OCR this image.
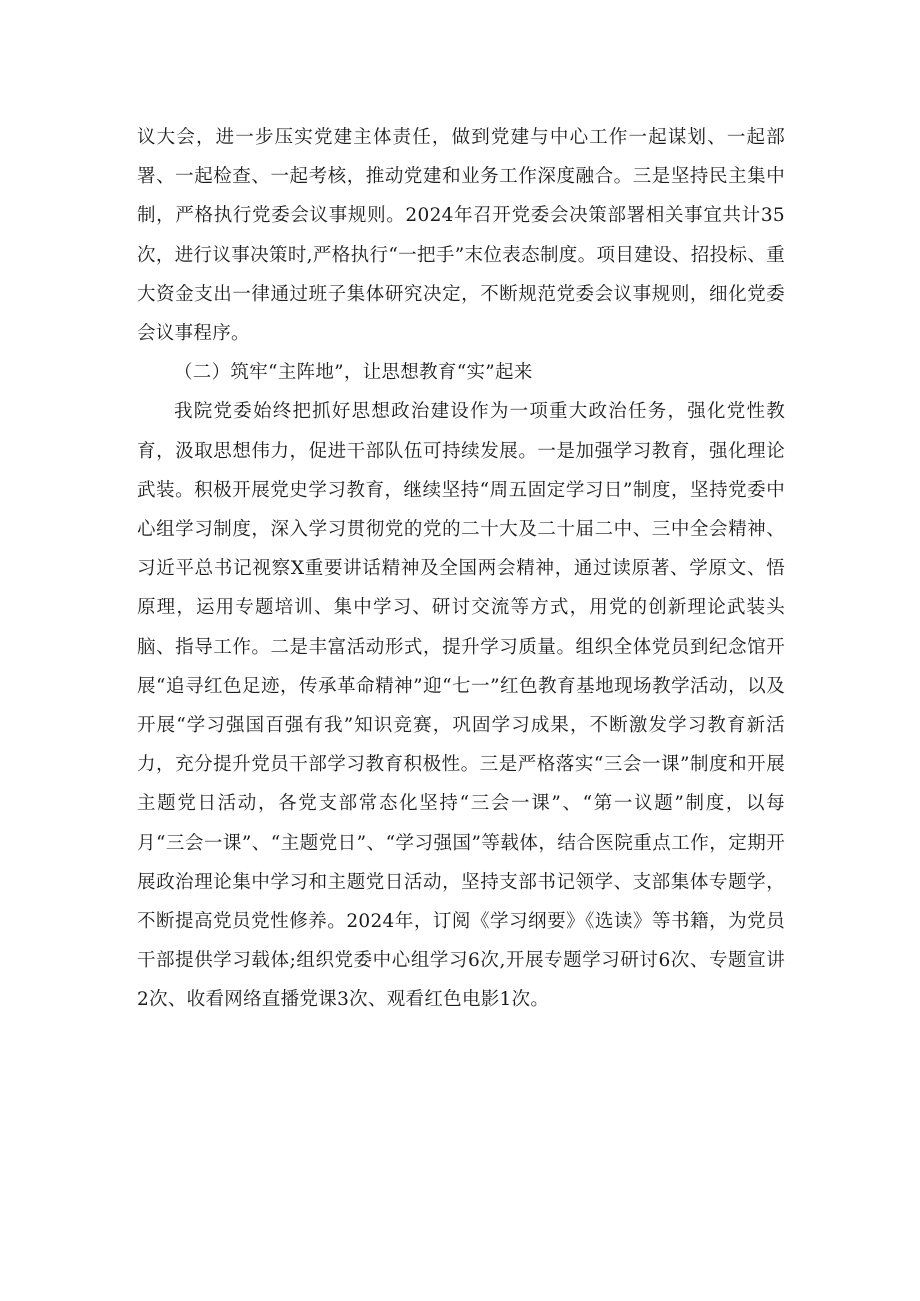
议大会，进一步压实党建主体责任，做到党建与中心工作一起谋划、一起部署、一起检查、一起考核，推动党建和业务工作深度融合。三是坚持民主集中制，严格执行党委会议事规则。2024年召开党委会决策部署相关事宜共计35次，进行议事决策时,严格执行“一把手”末位表态制度。项目建设、招投标、重大资金支出一律通过班子集体研究决定，不断规范党委会议事规则，细化党委会议事程序。

（二）筑牢“主阵地”，让思想教育“实”起来

我院党委始终把抓好思想政治建设作为一项重大政治任务，强化党性教育，汲取思想伟力，促进干部队伍可持续发展。一是加强学习教育，强化理论武装。积极开展党史学习教育，继续坚持“周五固定学习日”制度，坚持党委中心组学习制度，深入学习贯彻党的党的二十大及二十届二中、三中全会精神、习近平总书记视察X重要讲话精神及全国两会精神，通过读原著、学原文、悟原理，运用专题培训、集中学习、研讨交流等方式，用党的创新理论武装头脑、指导工作。二是丰富活动形式，提升学习质量。组织全体党员到纪念馆开展“追寻红色足迹，传承革命精神”迎“七一”红色教育基地现场教学活动，以及开展“学习强国百强有我”知识竞赛，巩固学习成果，不断激发学习教育新活力，充分提升党员干部学习教育积极性。三是严格落实“三会一课”制度和开展主题党日活动，各党支部常态化坚持“三会一课”、“第一议题”制度，以每月“三会一课”、“主题党日”、“学习强国”等载体，结合医院重点工作，定期开展政治理论集中学习和主题党日活动，坚持支部书记领学、支部集体专题学，不断提高党员党性修养。2024年，订阅《学习纲要》《选读》等书籍，为党员干部提供学习载体;组织党委中心组学习6次,开展专题学习研讨6次、专题宣讲2次、收看网络直播党课3次、观看红色电影1次。
